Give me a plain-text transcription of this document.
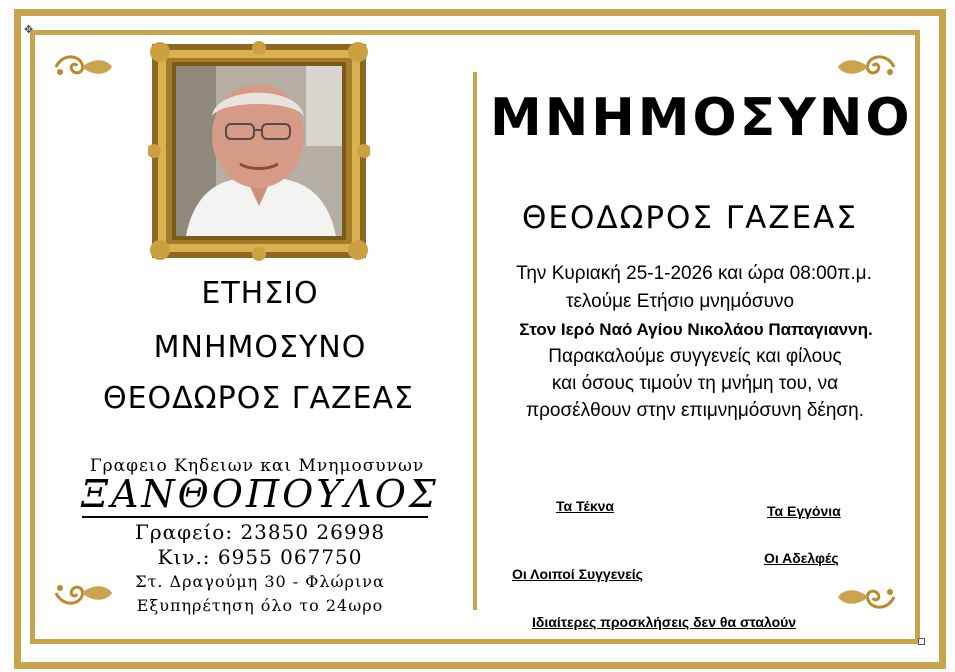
✥
ΕΤΗΣΙΟ
ΜΝΗΜΟΣΥΝΟ
ΘΕΟΔΩΡΟΣ ΓΑΖΕΑΣ
Γραφειο Κηδειων και Μνημοσυνων
ΞΑΝΘΟΠΟΥΛΟΣ
Γραφείο: 23850 26998
Κιν.: 6955 067750
Στ. Δραγούμη 30 - Φλώρινα
Εξυπηρέτηση όλο το 24ωρο
ΜΝΗΜΟΣΥΝΟ
ΘΕΟΔΩΡΟΣ ΓΑΖΕΑΣ
Την Κυριακή 25-1-2026 και ώρα 08:00π.μ.
τελούμε Ετήσιο μνημόσυνο
Στον Ιερό Ναό Αγίου Νικολάου Παπαγιαννη.
Παρακαλούμε συγγενείς και φίλους
και όσους τιμούν τη μνήμη του, να
προσέλθουν στην επιμνημόσυνη δέηση.
Τα Τέκνα	Τα Εγγόνια
Οι Αδελφές
Οι Λοιποί Συγγενείς
Ιδιαίτερες προσκλήσεις δεν θα σταλούν
